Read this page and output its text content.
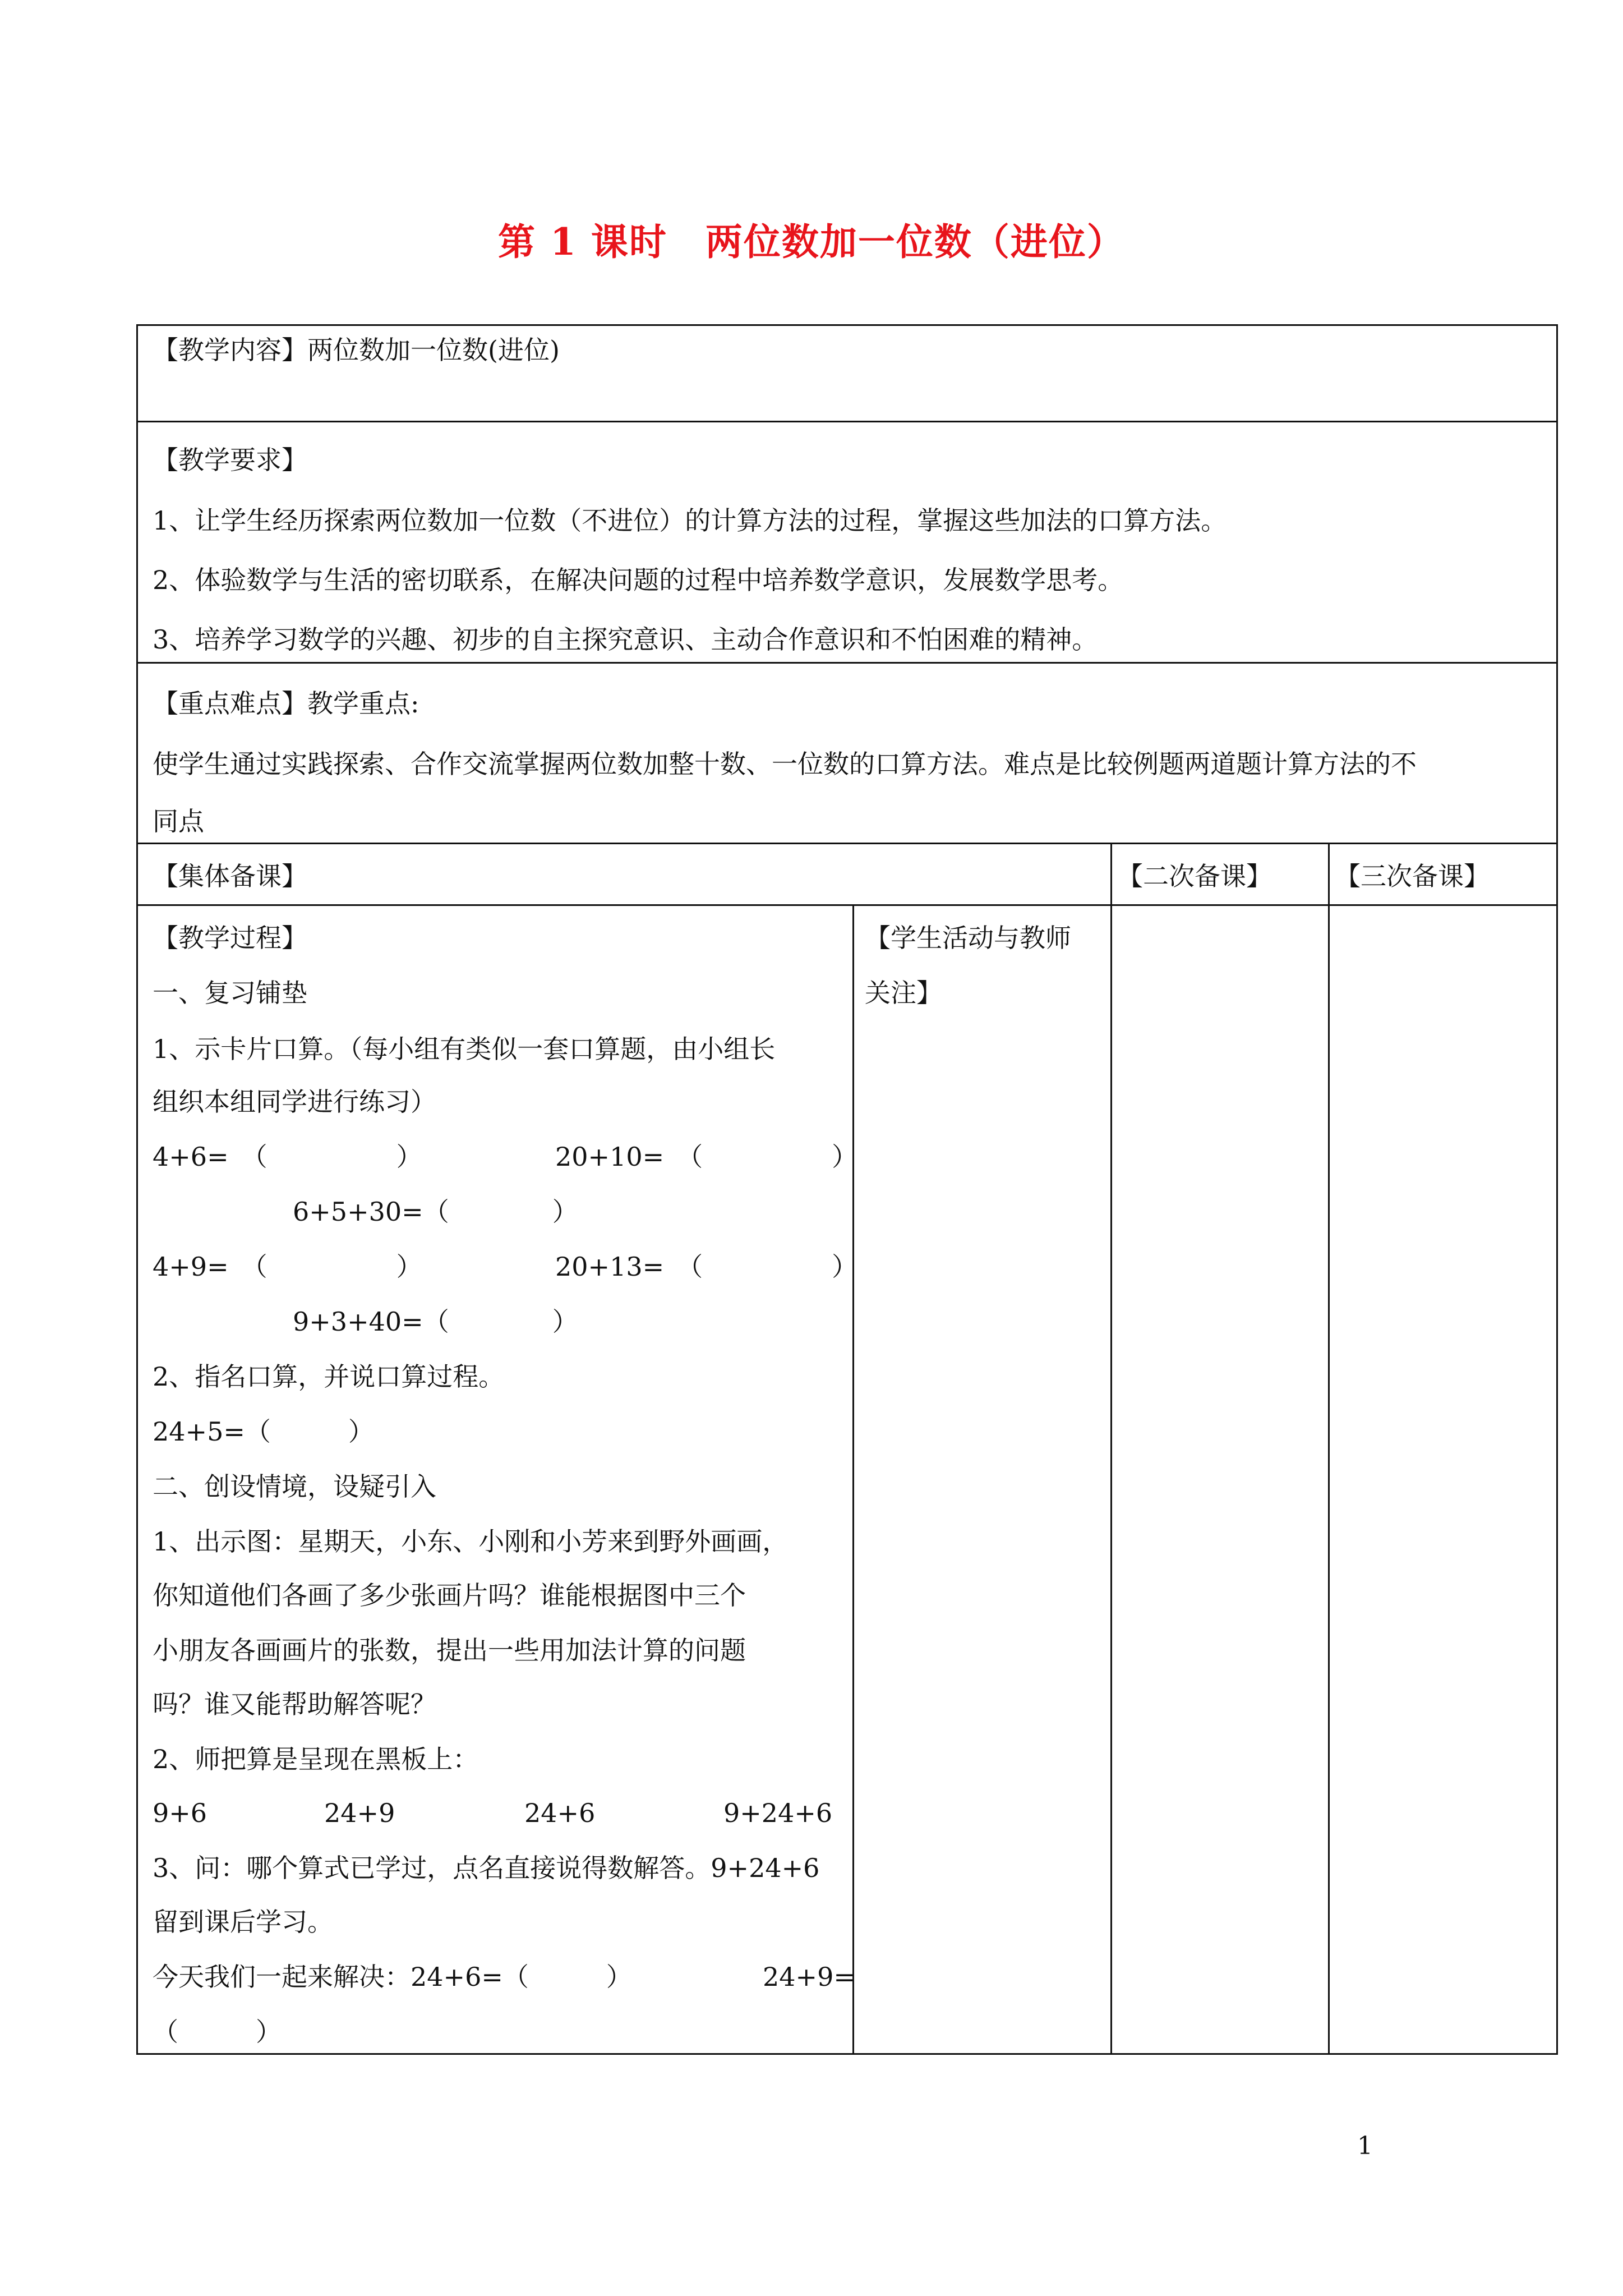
第 1 课时　两位数加一位数（进位）
【教学内容】两位数加一位数(进位)
【教学要求】
1、让学生经历探索两位数加一位数（不进位）的计算方法的过程，掌握这些加法的口算方法。
2、体验数学与生活的密切联系，在解决问题的过程中培养数学意识，发展数学思考。
3、培养学习数学的兴趣、初步的自主探究意识、主动合作意识和不怕困难的精神。
【重点难点】教学重点:
使学生通过实践探索、合作交流掌握两位数加整十数、一位数的口算方法。难点是比较例题两道题计算方法的不
同点
【集体备课】	【二次备课】 【三次备课】
【教学过程】
一、复习铺垫
1、示卡片口算。（每小组有类似一套口算题，由小组长
组织本组同学进行练习）
4+6=　（　　　　　）	20+10=　（　　　　　）
6+5+30=（　　　　）
4+9=　（　　　　　）	20+13=　（　　　　　）
9+3+40=（　　　　）
2、指名口算，并说口算过程。
24+5=（　　　）
二、创设情境，设疑引入
1、出示图：星期天，小东、小刚和小芳来到野外画画，
你知道他们各画了多少张画片吗？谁能根据图中三个
小朋友各画画片的张数，提出一些用加法计算的问题
吗？谁又能帮助解答呢？
2、师把算是呈现在黑板上：
9+6	24+9	24+6	9+24+6
3、问：哪个算式已学过，点名直接说得数解答。9+24+6
留到课后学习。
今天我们一起来解决：24+6=（　　　）	24+9=
（　　　）
【学生活动与教师
关注】
1
